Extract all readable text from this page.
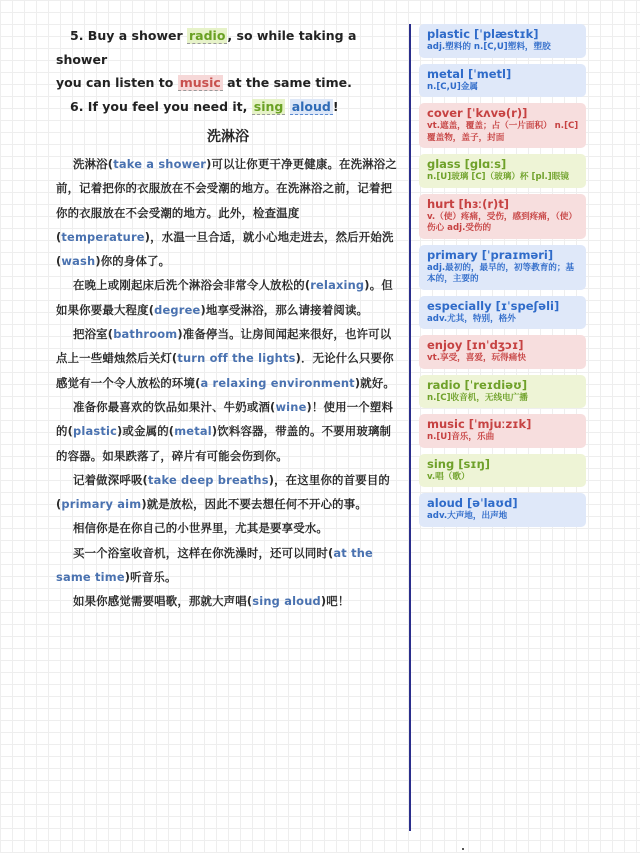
5. Buy a shower radio , so while taking a shower
you can listen to music at the same time.
6. If you feel you need it, sing aloud !
洗淋浴

洗淋浴(take a shower)可以让你更干净更健康。在洗淋浴之前，记着把你的衣服放在不会受潮的地方。在洗淋浴之前，记着把你的衣服放在不会受潮的地方。此外，检查温度(temperature)，水温一旦合适，就小心地走进去，然后开始洗(wash)你的身体了。

在晚上或刚起床后洗个淋浴会非常令人放松的(relaxing)。但如果你要最大程度(degree)地享受淋浴，那么请接着阅读。

把浴室(bathroom)准备停当。让房间闻起来很好，也许可以点上一些蜡烛然后关灯(turn off the lights)．无论什么只要你感觉有一个令人放松的环境(a relaxing environment)就好。

准备你最喜欢的饮品如果汁、牛奶或酒(wine)！使用一个塑料的(plastic)或金属的(metal)饮料容器，带盖的。不要用玻璃制的容器。如果跌落了，碎片有可能会伤到你。

记着做深呼吸(take deep breaths)，在这里你的首要目的(primary aim)就是放松，因此不要去想任何不开心的事。

相信你是在你自己的小世界里，尤其是要享受水。

买一个浴室收音机，这样在你洗澡时，还可以同时(at the same time)听音乐。

如果你感觉需要唱歌，那就大声唱(sing aloud)吧！

plastic [ˈplæstɪk]
adj.塑料的 n.[C,U]塑料，塑胶
metal [ˈmetl]
n.[C,U]金属
cover [ˈkʌvə(r)]
vt.遮盖，覆盖；占（一片面积） n.[C]覆盖物，盖子，封面
glass [glɑːs]
n.[U]玻璃 [C]（玻璃）杯 [pl.]眼镜
hurt [hɜː(r)t]
v.（使）疼痛，受伤，感到疼痛，（使）伤心 adj.受伤的
primary [ˈpraɪməri]
adj.最初的，最早的，初等教育的；基本的，主要的
especially [ɪˈspeʃəli]
adv.尤其，特别，格外
enjoy [ɪnˈdʒɔɪ]
vt.享受，喜爱，玩得痛快
radio [ˈreɪdiəʊ]
n.[C]收音机，无线电广播
music [ˈmjuːzɪk]
n.[U]音乐，乐曲
sing [sɪŋ]
v.唱（歌）
aloud [əˈlaʊd]
adv.大声地，出声地
